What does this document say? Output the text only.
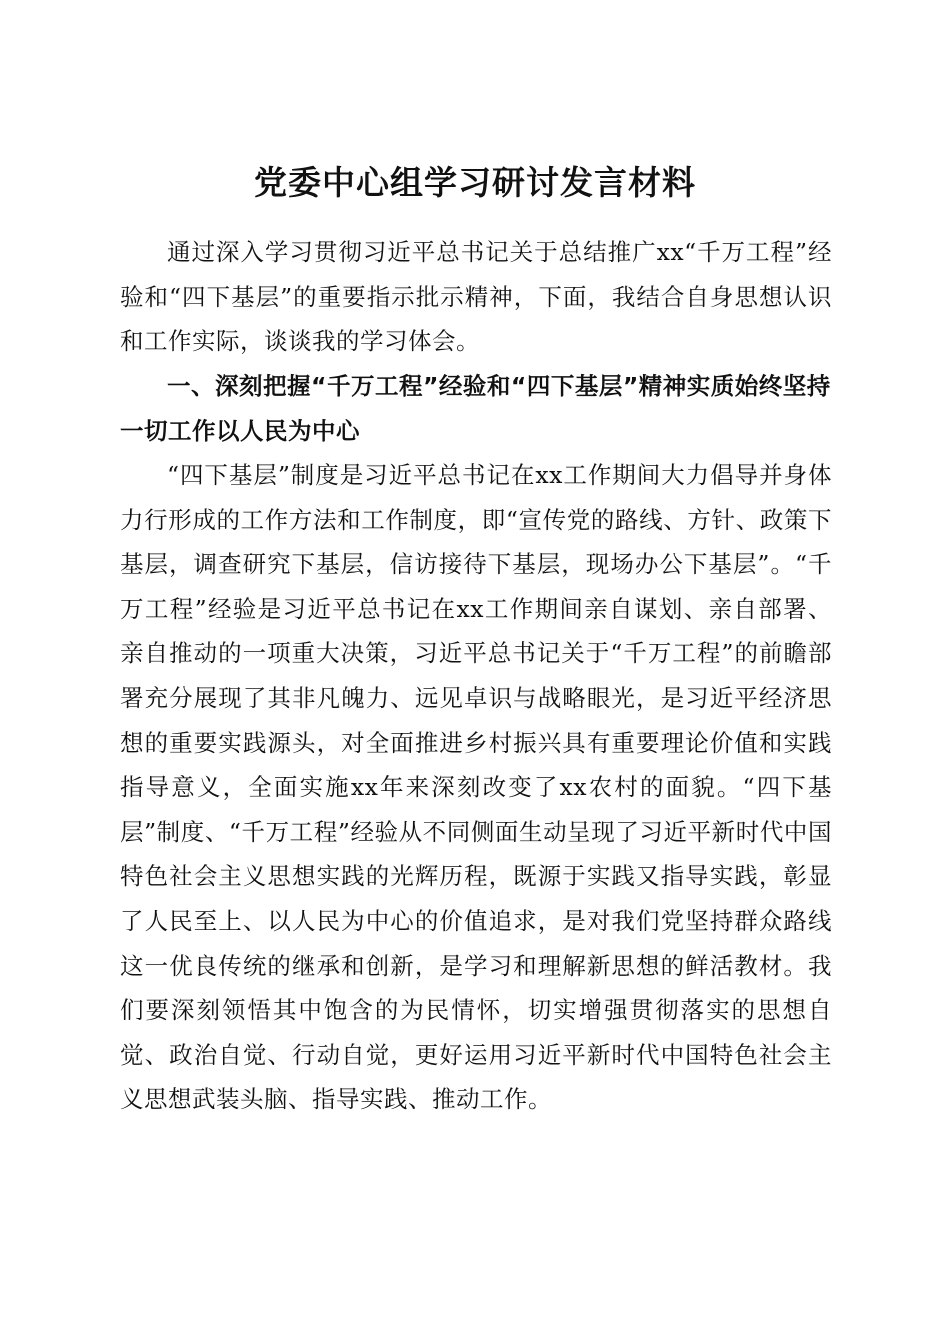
党委中心组学习研讨发言材料

通过深入学习贯彻习近平总书记关于总结推广xx“千万工程”经验和“四下基层”的重要指示批示精神，下面，我结合自身思想认识和工作实际，谈谈我的学习体会。

一、深刻把握“千万工程”经验和“四下基层”精神实质始终坚持一切工作以人民为中心

“四下基层”制度是习近平总书记在xx工作期间大力倡导并身体力行形成的工作方法和工作制度，即“宣传党的路线、方针、政策下基层，调查研究下基层，信访接待下基层，现场办公下基层”。“千万工程”经验是习近平总书记在xx工作期间亲自谋划、亲自部署、亲自推动的一项重大决策，习近平总书记关于“千万工程”的前瞻部署充分展现了其非凡魄力、远见卓识与战略眼光，是习近平经济思想的重要实践源头，对全面推进乡村振兴具有重要理论价值和实践指导意义，全面实施xx年来深刻改变了xx农村的面貌。“四下基层”制度、“千万工程”经验从不同侧面生动呈现了习近平新时代中国特色社会主义思想实践的光辉历程，既源于实践又指导实践，彰显了人民至上、以人民为中心的价值追求，是对我们党坚持群众路线这一优良传统的继承和创新，是学习和理解新思想的鲜活教材。我们要深刻领悟其中饱含的为民情怀，切实增强贯彻落实的思想自觉、政治自觉、行动自觉，更好运用习近平新时代中国特色社会主义思想武装头脑、指导实践、推动工作。
